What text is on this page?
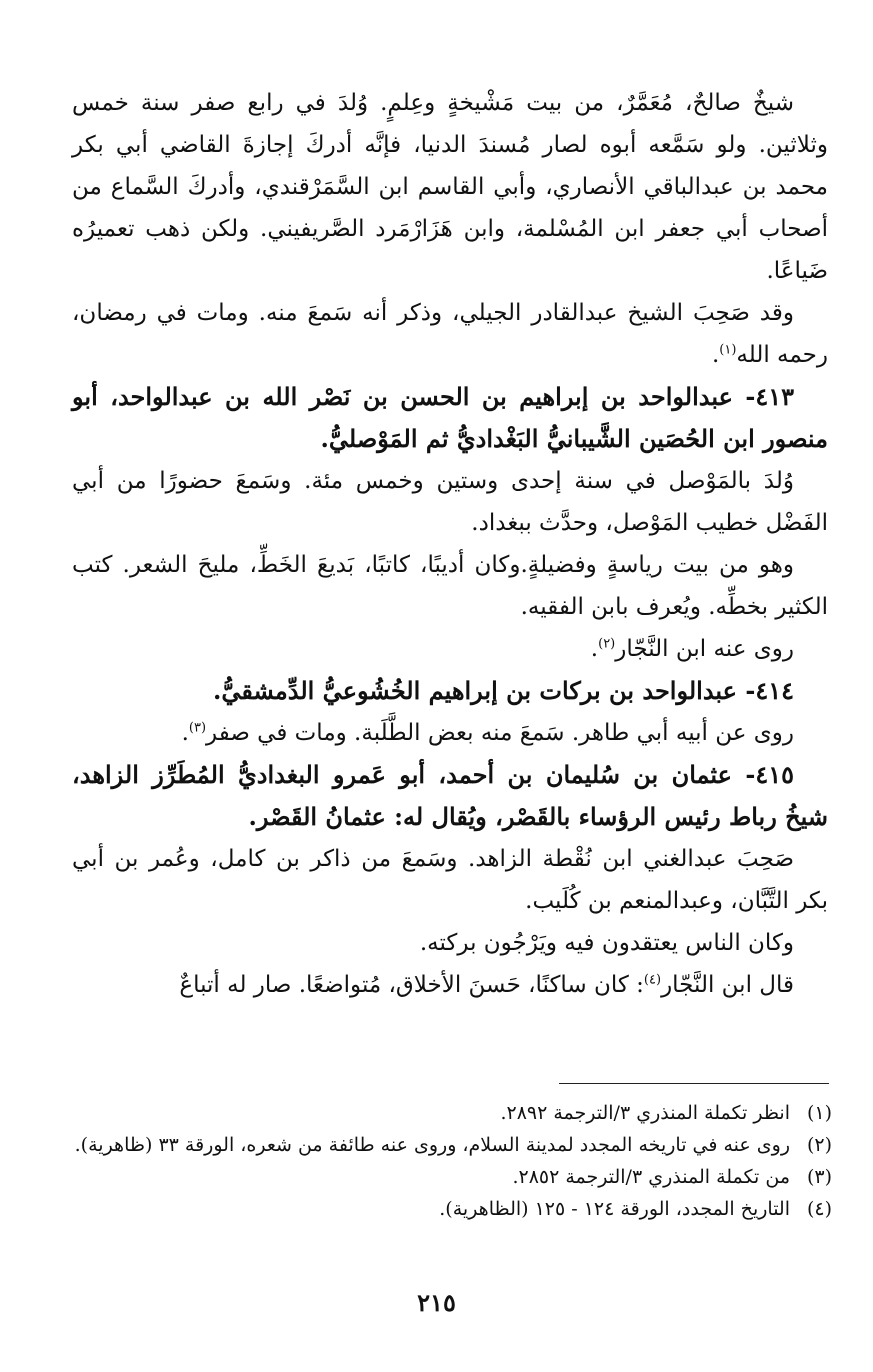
شيخٌ صالحٌ، مُعَمَّرٌ، من بيت مَشْيخةٍ وعِلمٍ. وُلدَ في رابع صفر سنة خمس وثلاثين. ولو سَمَّعه أبوه لصار مُسندَ الدنيا، فإنَّه أدركَ إجازةَ القاضي أبي بكر محمد بن عبدالباقي الأنصاري، وأبي القاسم ابن السَّمَرْقندي، وأدركَ السَّماع من أصحاب أبي جعفر ابن المُسْلمة، وابن هَزَارْمَرد الصَّريفيني. ولكن ذهب تعميرُه ضَياعًا.

وقد صَحِبَ الشيخ عبدالقادر الجيلي، وذكر أنه سَمعَ منه. ومات في رمضان، رحمه الله$^{(١)}$.

٤١٣- عبدالواحد بن إبراهيم بن الحسن بن نَصْر الله بن عبدالواحد، أبو منصور ابن الحُصَين الشَّيبانيُّ البَغْداديُّ ثم المَوْصليُّ.

وُلدَ بالمَوْصل في سنة إحدى وستين وخمس مئة. وسَمعَ حضورًا من أبي الفَضْل خطيب المَوْصل، وحدَّث ببغداد.

وهو من بيت رياسةٍ وفضيلةٍ.وكان أديبًا، كاتبًا، بَديعَ الخَطِّ، مليحَ الشعر. كتب الكثير بخطِّه. ويُعرف بابن الفقيه.

روى عنه ابن النَّجّار$^{(٢)}$.

٤١٤- عبدالواحد بن بركات بن إبراهيم الخُشُوعيُّ الدِّمشقيُّ.

روى عن أبيه أبي طاهر. سَمعَ منه بعض الطَّلَبة. ومات في صفر$^{(٣)}$.

٤١٥- عثمان بن سُليمان بن أحمد، أبو عَمرو البغداديُّ المُطَرِّز الزاهد، شيخُ رباط رئيس الرؤساء بالقَصْر، ويُقال له: عثمانُ القَصْر.

صَحِبَ عبدالغني ابن نُقْطة الزاهد. وسَمعَ من ذاكر بن كامل، وعُمر بن أبي بكر التَّبَّان، وعبدالمنعم بن كُلَيب.

وكان الناس يعتقدون فيه ويَرْجُون بركته.

قال ابن النَّجّار$^{(٤)}$: كان ساكنًا، حَسنَ الأخلاق، مُتواضعًا. صار له أتباعٌ

(١)
انظر تكملة المنذري ٣/الترجمة ٢٨٩٢.
(٢)
روى عنه في تاريخه المجدد لمدينة السلام، وروى عنه طائفة من شعره، الورقة ٣٣ (ظاهرية).
(٣)
من تكملة المنذري ٣/الترجمة ٢٨٥٢.
(٤)
التاريخ المجدد، الورقة ١٢٤ - ١٢٥ (الظاهرية).
٢١٥
